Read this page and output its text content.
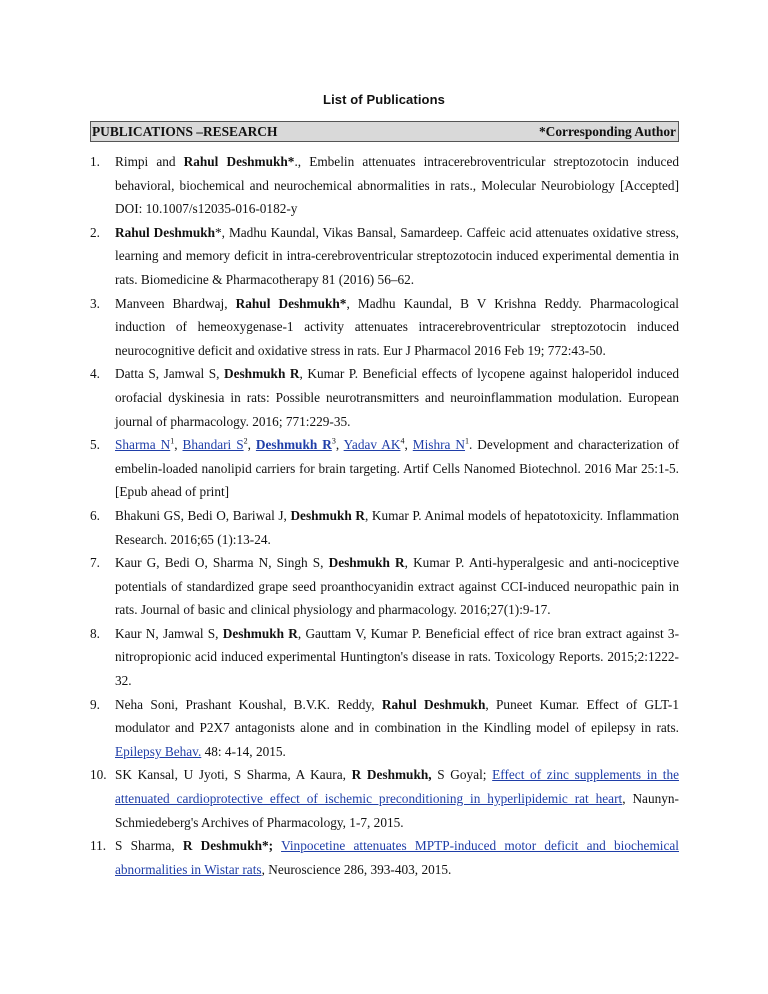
List of Publications
PUBLICATIONS –RESEARCH	*Corresponding Author
1. Rimpi and Rahul Deshmukh*., Embelin attenuates intracerebroventricular streptozotocin induced behavioral, biochemical and neurochemical abnormalities in rats., Molecular Neurobiology [Accepted] DOI: 10.1007/s12035-016-0182-y
2. Rahul Deshmukh*, Madhu Kaundal, Vikas Bansal, Samardeep. Caffeic acid attenuates oxidative stress, learning and memory deficit in intra-cerebroventricular streptozotocin induced experimental dementia in rats. Biomedicine & Pharmacotherapy 81 (2016) 56–62.
3. Manveen Bhardwaj, Rahul Deshmukh*, Madhu Kaundal, B V Krishna Reddy. Pharmacological induction of hemeoxygenase-1 activity attenuates intracerebroventricular streptozotocin induced neurocognitive deficit and oxidative stress in rats. Eur J Pharmacol 2016 Feb 19; 772:43-50.
4. Datta S, Jamwal S, Deshmukh R, Kumar P. Beneficial effects of lycopene against haloperidol induced orofacial dyskinesia in rats: Possible neurotransmitters and neuroinflammation modulation. European journal of pharmacology. 2016; 771:229-35.
5. Sharma $N^1$, Bhandari $S^2$, Deshmukh $R^3$, Yadav $AK^4$, Mishra $N^1$. Development and characterization of embelin-loaded nanolipid carriers for brain targeting. Artif Cells Nanomed Biotechnol. 2016 Mar 25:1-5. [Epub ahead of print]
6. Bhakuni GS, Bedi O, Bariwal J, Deshmukh R, Kumar P. Animal models of hepatotoxicity. Inflammation Research. 2016;65 (1):13-24.
7. Kaur G, Bedi O, Sharma N, Singh S, Deshmukh R, Kumar P. Anti-hyperalgesic and anti-nociceptive potentials of standardized grape seed proanthocyanidin extract against CCI-induced neuropathic pain in rats. Journal of basic and clinical physiology and pharmacology. 2016;27(1):9-17.
8. Kaur N, Jamwal S, Deshmukh R, Gauttam V, Kumar P. Beneficial effect of rice bran extract against 3-nitropropionic acid induced experimental Huntington's disease in rats. Toxicology Reports. 2015;2:1222-32.
9. Neha Soni, Prashant Koushal, B.V.K. Reddy, Rahul Deshmukh, Puneet Kumar. Effect of GLT-1 modulator and P2X7 antagonists alone and in combination in the Kindling model of epilepsy in rats. Epilepsy Behav. 48: 4-14, 2015.
10. SK Kansal, U Jyoti, S Sharma, A Kaura, R Deshmukh, S Goyal; Effect of zinc supplements in the attenuated cardioprotective effect of ischemic preconditioning in hyperlipidemic rat heart, Naunyn-Schmiedeberg's Archives of Pharmacology, 1-7, 2015.
11. S Sharma, R Deshmukh*; Vinpocetine attenuates MPTP-induced motor deficit and biochemical abnormalities in Wistar rats, Neuroscience 286, 393-403, 2015.
